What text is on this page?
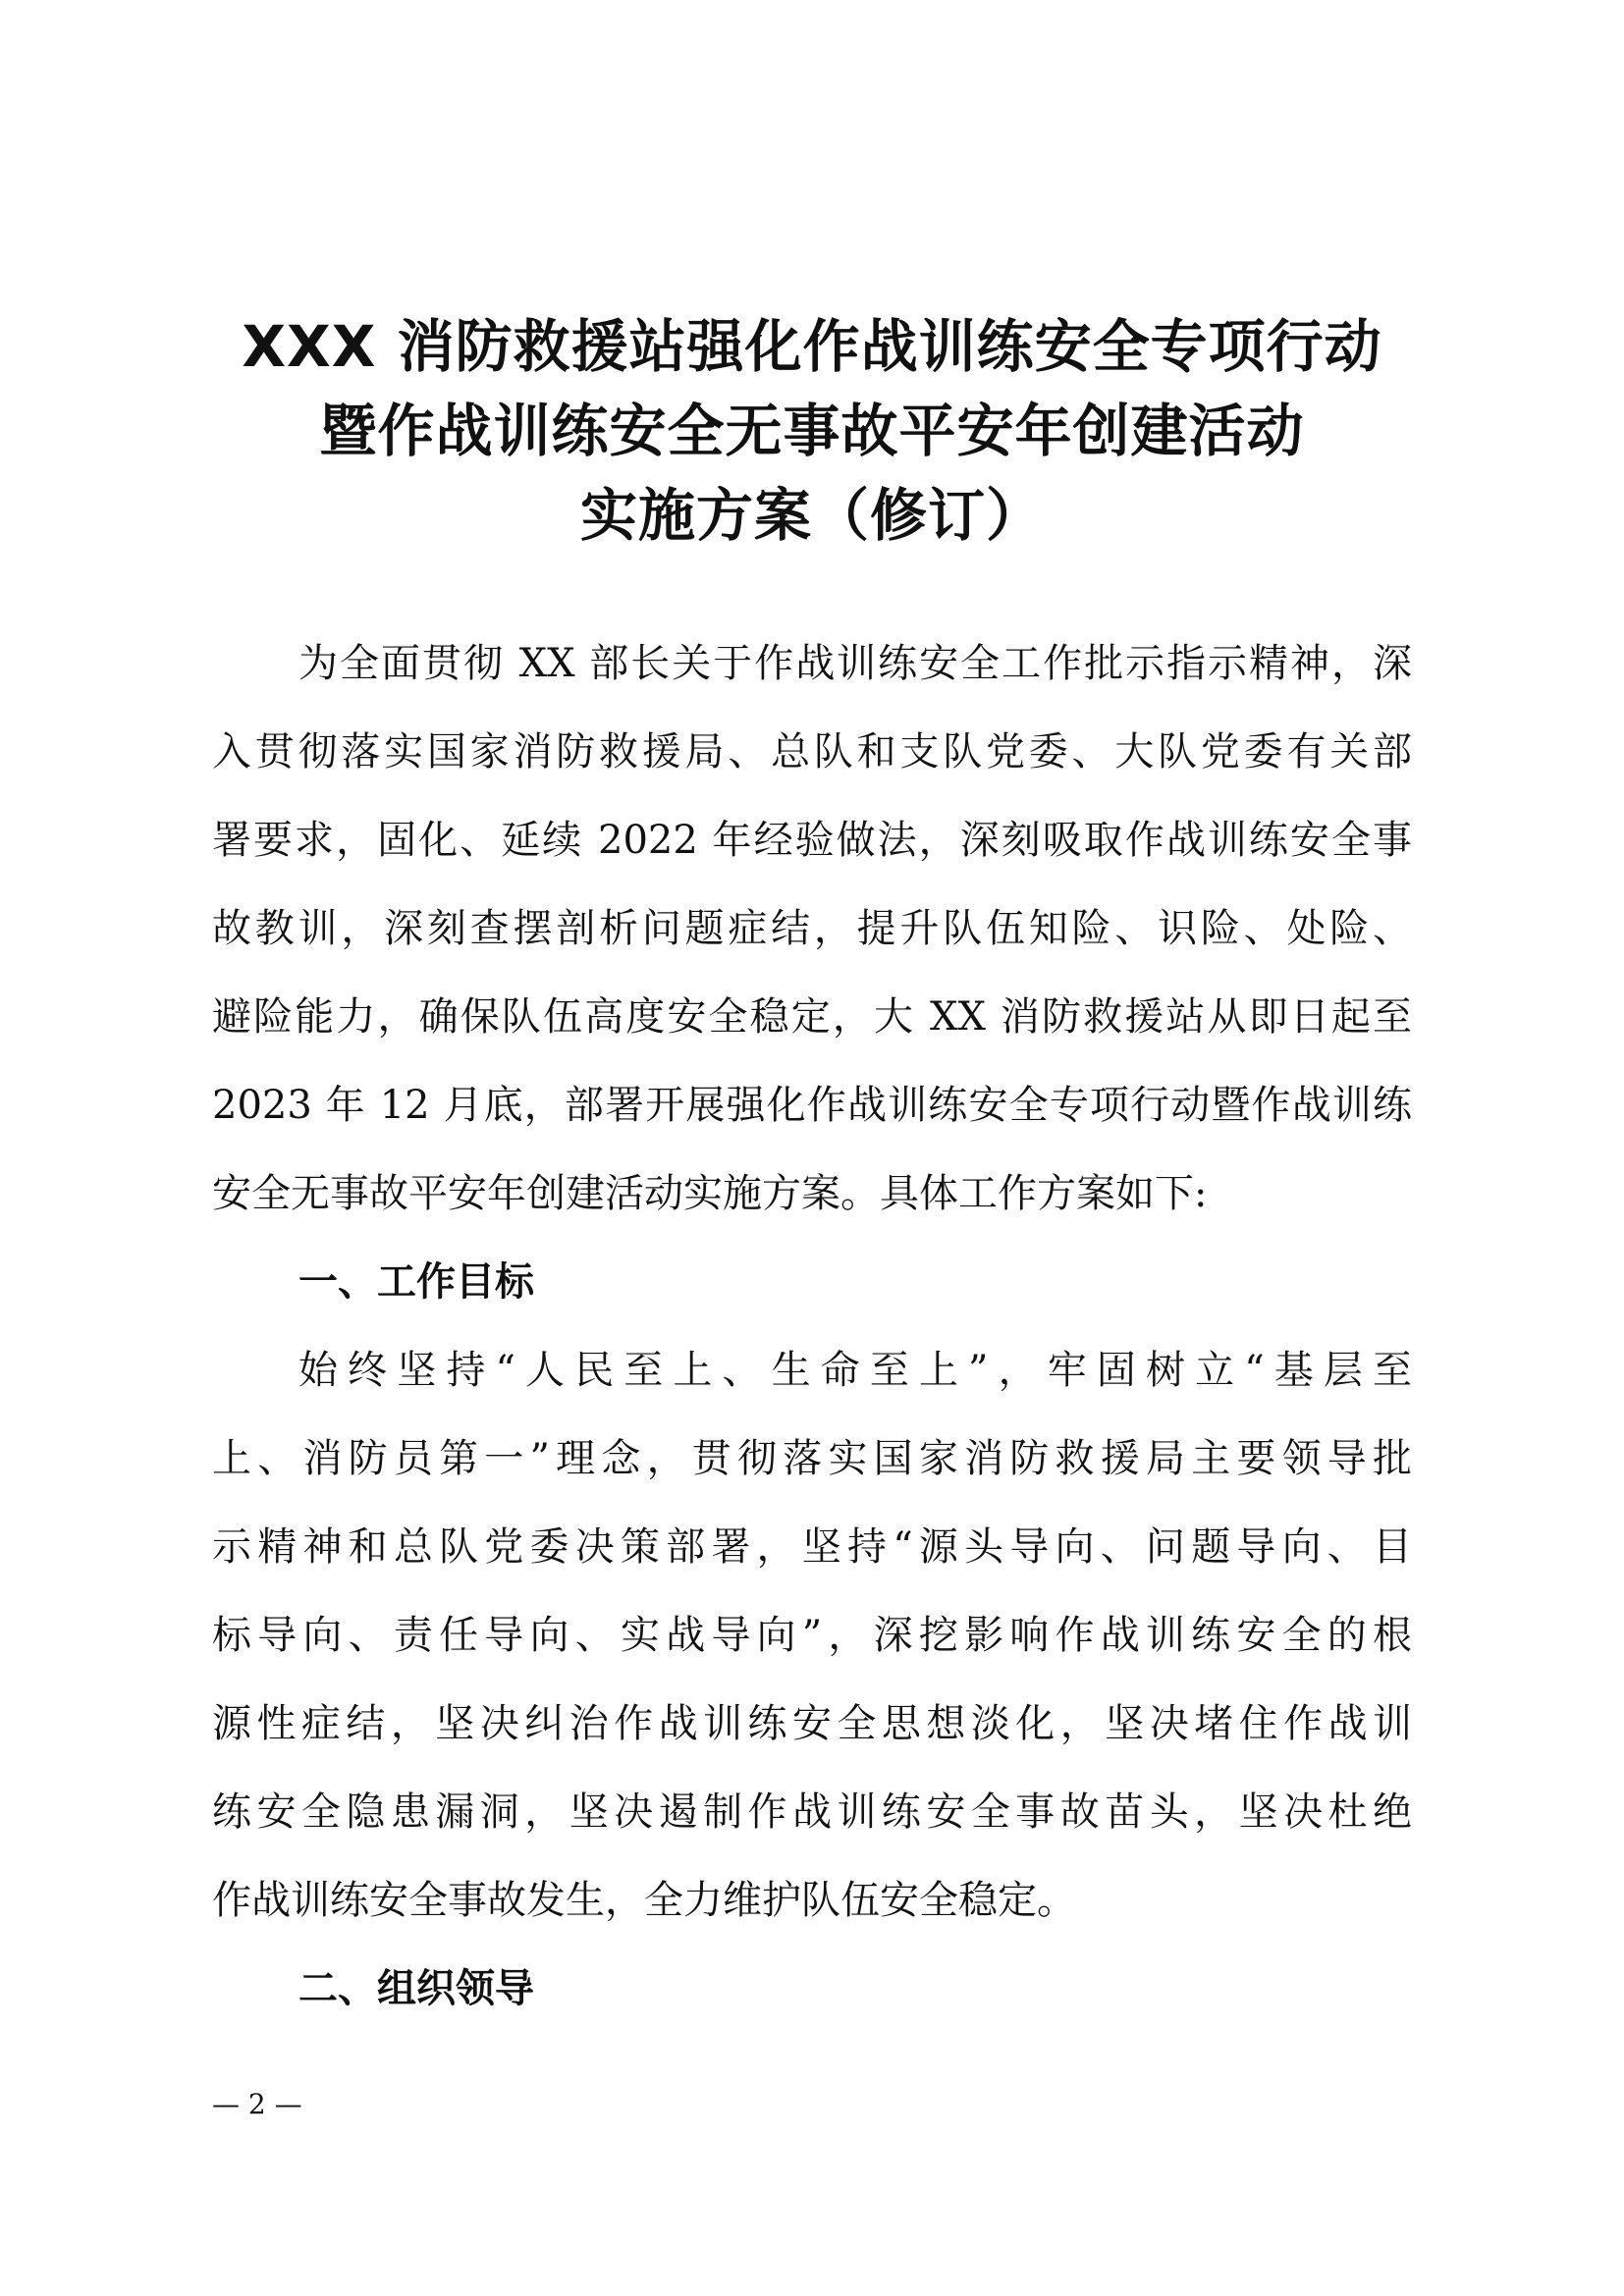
XXX 消防救援站强化作战训练安全专项行动
暨作战训练安全无事故平安年创建活动
实施方案（修订）
为全面贯彻 XX 部长关于作战训练安全工作批示指示精神，深
入贯彻落实国家消防救援局、总队和支队党委、大队党委有关部
署要求，固化、延续 2022 年经验做法，深刻吸取作战训练安全事
故教训，深刻查摆剖析问题症结，提升队伍知险、识险、处险、
避险能力，确保队伍高度安全稳定，大 XX 消防救援站从即日起至
2023 年 12 月底，部署开展强化作战训练安全专项行动暨作战训练
安全无事故平安年创建活动实施方案。具体工作方案如下:
一、工作目标
始终坚持“人民至上、生命至上”，牢固树立“基层至
上、消防员第一”理念，贯彻落实国家消防救援局主要领导批
示精神和总队党委决策部署，坚持“源头导向、问题导向、目
标导向、责任导向、实战导向”，深挖影响作战训练安全的根
源性症结，坚决纠治作战训练安全思想淡化，坚决堵住作战训
练安全隐患漏洞，坚决遏制作战训练安全事故苗头，坚决杜绝
作战训练安全事故发生，全力维护队伍安全稳定。
二、组织领导
— 2 —
